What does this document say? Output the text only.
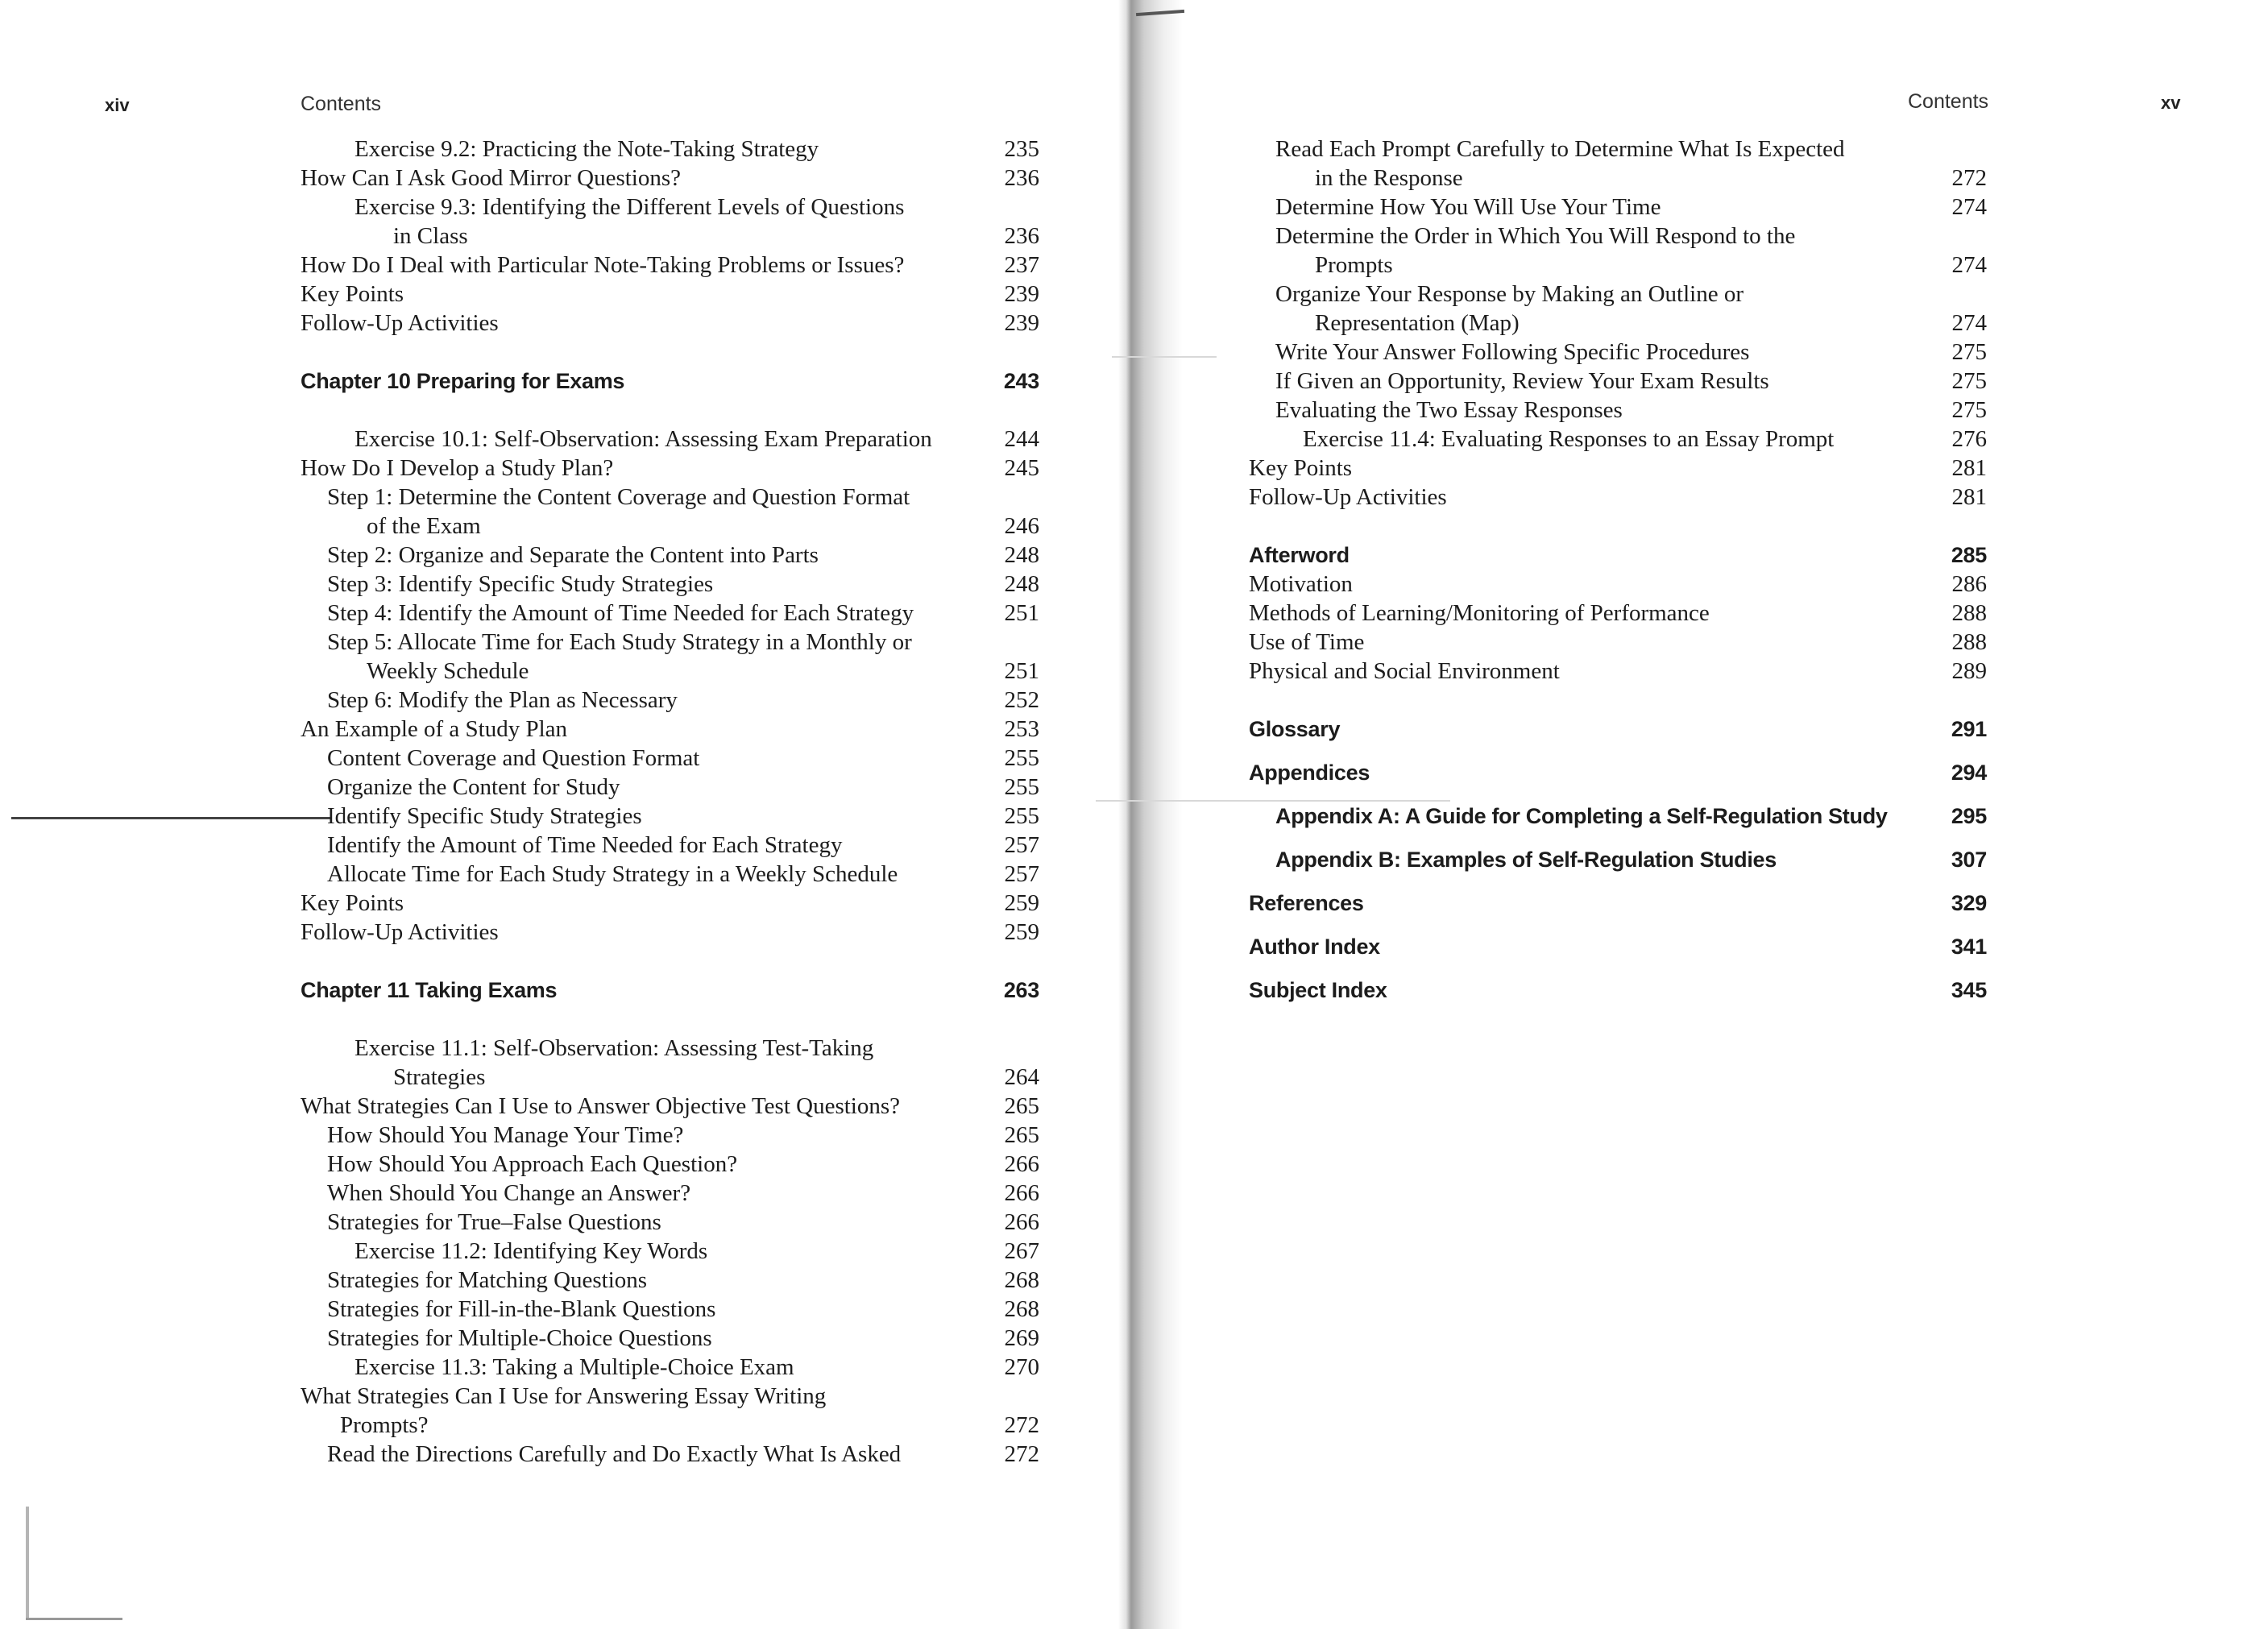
xiv	Contents
Exercise 9.2: Practicing the Note-Taking Strategy	235
How Can I Ask Good Mirror Questions?	236
Exercise 9.3: Identifying the Different Levels of Questions
in Class	236
How Do I Deal with Particular Note-Taking Problems or Issues?	237
Key Points	239
Follow-Up Activities	239
Chapter 10 Preparing for Exams	243
Exercise 10.1: Self-Observation: Assessing Exam Preparation	244
How Do I Develop a Study Plan?	245
Step 1: Determine the Content Coverage and Question Format
of the Exam	246
Step 2: Organize and Separate the Content into Parts	248
Step 3: Identify Specific Study Strategies	248
Step 4: Identify the Amount of Time Needed for Each Strategy	251
Step 5: Allocate Time for Each Study Strategy in a Monthly or
Weekly Schedule	251
Step 6: Modify the Plan as Necessary	252
An Example of a Study Plan	253
Content Coverage and Question Format	255
Organize the Content for Study	255
Identify Specific Study Strategies	255
Identify the Amount of Time Needed for Each Strategy	257
Allocate Time for Each Study Strategy in a Weekly Schedule	257
Key Points	259
Follow-Up Activities	259
Chapter 11 Taking Exams	263
Exercise 11.1: Self-Observation: Assessing Test-Taking
Strategies	264
What Strategies Can I Use to Answer Objective Test Questions?	265
How Should You Manage Your Time?	265
How Should You Approach Each Question?	266
When Should You Change an Answer?	266
Strategies for True–False Questions	266
Exercise 11.2: Identifying Key Words	267
Strategies for Matching Questions	268
Strategies for Fill-in-the-Blank Questions	268
Strategies for Multiple-Choice Questions	269
Exercise 11.3: Taking a Multiple-Choice Exam	270
What Strategies Can I Use for Answering Essay Writing
Prompts?	272
Read the Directions Carefully and Do Exactly What Is Asked	272
Contents	xv
Read Each Prompt Carefully to Determine What Is Expected
in the Response	272
Determine How You Will Use Your Time	274
Determine the Order in Which You Will Respond to the
Prompts	274
Organize Your Response by Making an Outline or
Representation (Map)	274
Write Your Answer Following Specific Procedures	275
If Given an Opportunity, Review Your Exam Results	275
Evaluating the Two Essay Responses	275
Exercise 11.4: Evaluating Responses to an Essay Prompt	276
Key Points	281
Follow-Up Activities	281
Afterword	285
Motivation	286
Methods of Learning/Monitoring of Performance	288
Use of Time	288
Physical and Social Environment	289
Glossary	291
Appendices	294
Appendix A: A Guide for Completing a Self-Regulation Study	295
Appendix B: Examples of Self-Regulation Studies	307
References	329
Author Index	341
Subject Index	345
